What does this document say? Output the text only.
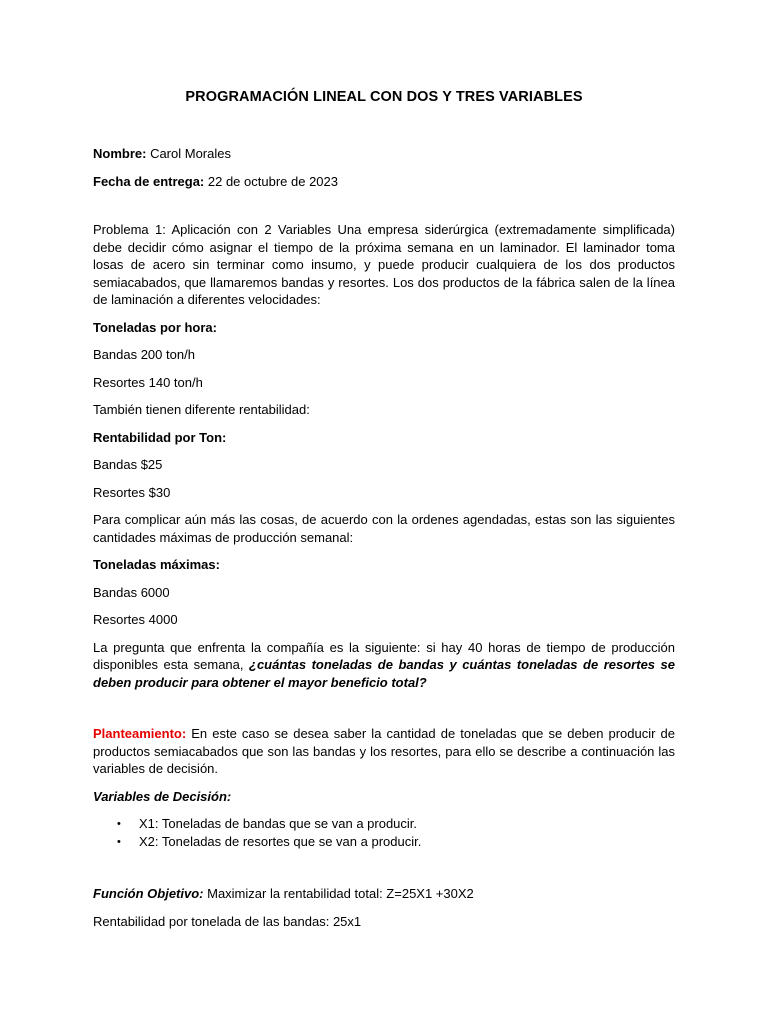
PROGRAMACIÓN LINEAL CON DOS Y TRES VARIABLES

Nombre: Carol Morales

Fecha de entrega: 22 de octubre de 2023

Problema 1: Aplicación con 2 Variables Una empresa siderúrgica (extremadamente simplificada) debe decidir cómo asignar el tiempo de la próxima semana en un laminador. El laminador toma losas de acero sin terminar como insumo, y puede producir cualquiera de los dos productos semiacabados, que llamaremos bandas y resortes. Los dos productos de la fábrica salen de la línea de laminación a diferentes velocidades:

Toneladas por hora:

Bandas 200 ton/h

Resortes 140 ton/h

También tienen diferente rentabilidad:

Rentabilidad por Ton:

Bandas $25

Resortes $30

Para complicar aún más las cosas, de acuerdo con la ordenes agendadas, estas son las siguientes cantidades máximas de producción semanal:

Toneladas máximas:

Bandas 6000

Resortes 4000

La pregunta que enfrenta la compañía es la siguiente: si hay 40 horas de tiempo de producción disponibles esta semana, ¿cuántas toneladas de bandas y cuántas toneladas de resortes se deben producir para obtener el mayor beneficio total?

Planteamiento: En este caso se desea saber la cantidad de toneladas que se deben producir de productos semiacabados que son las bandas y los resortes, para ello se describe a continuación las variables de decisión.

Variables de Decisión:

• X1: Toneladas de bandas que se van a producir.
• X2: Toneladas de resortes que se van a producir.

Función Objetivo: Maximizar la rentabilidad total: Z=25X1 +30X2

Rentabilidad por tonelada de las bandas: 25x1
